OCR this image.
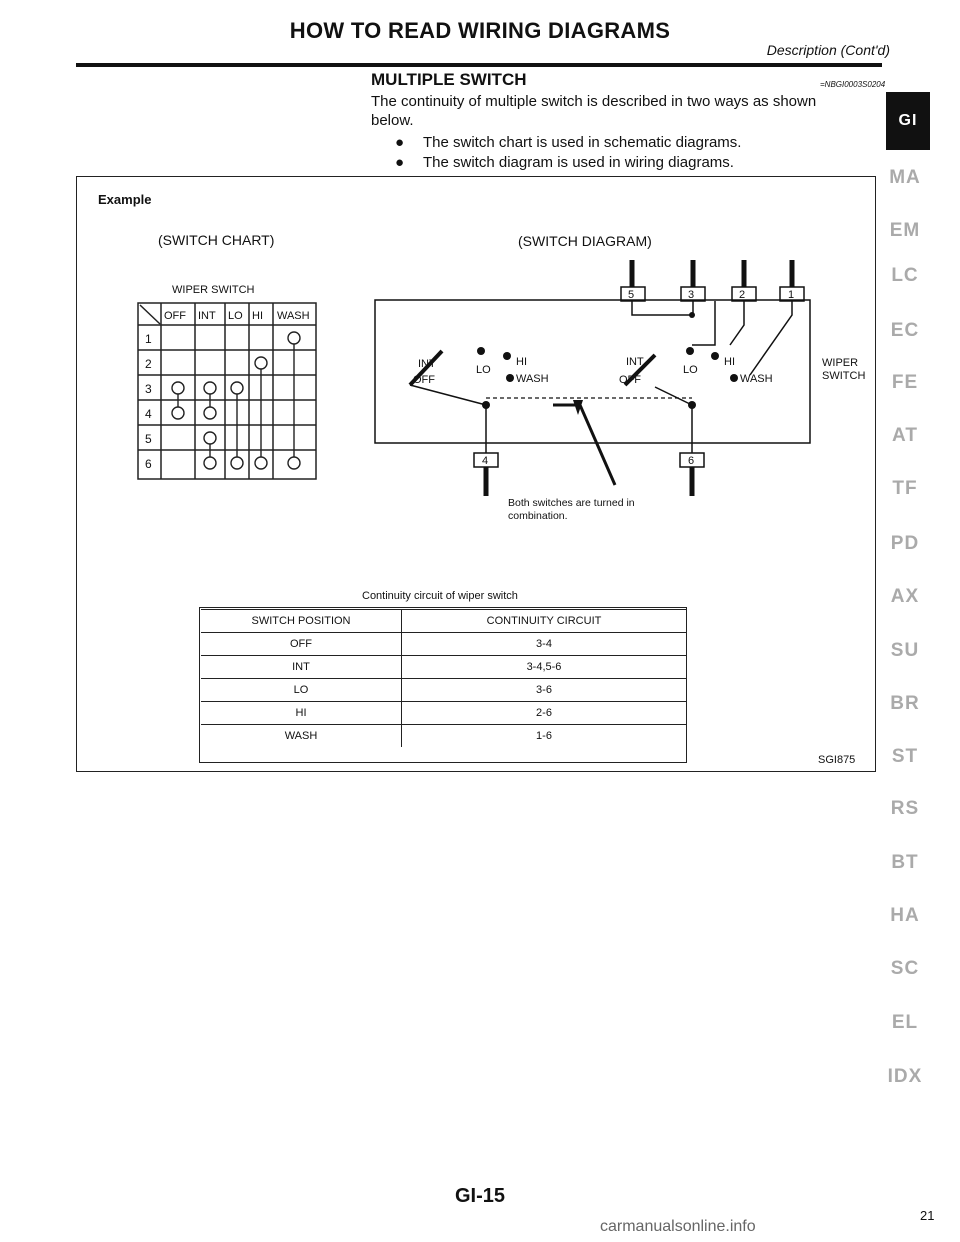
HOW TO READ WIRING DIAGRAMS
Description (Cont'd)
MULTIPLE SWITCH	=NBGI0003S0204
The continuity of multiple switch is described in two ways as shown
below.
● The switch chart is used in schematic diagrams.
● The switch diagram is used in wiring diagrams.
Example
(SWITCH CHART)	(SWITCH DIAGRAM)
WIPER SWITCH
OFF INT LO HI WASH
1
2
3
4
5
6
5	3	2	1
4	6
INT
OFF
LO
HI
WASH
INT
OFF
LO
HI
WASH
WIPER
SWITCH
Both switches are turned in
combination.
Continuity circuit of wiper switch
SWITCH POSITION	CONTINUITY CIRCUIT
OFF	3-4
INT	3-4,5-6
LO	3-6
HI	2-6
WASH	1-6
SGI875
GI
MA
EM
LC
EC
FE
AT
TF
PD
AX
SU
BR
ST
RS
BT
HA
SC
EL
IDX
GI-15
21
carmanualsonline.info
